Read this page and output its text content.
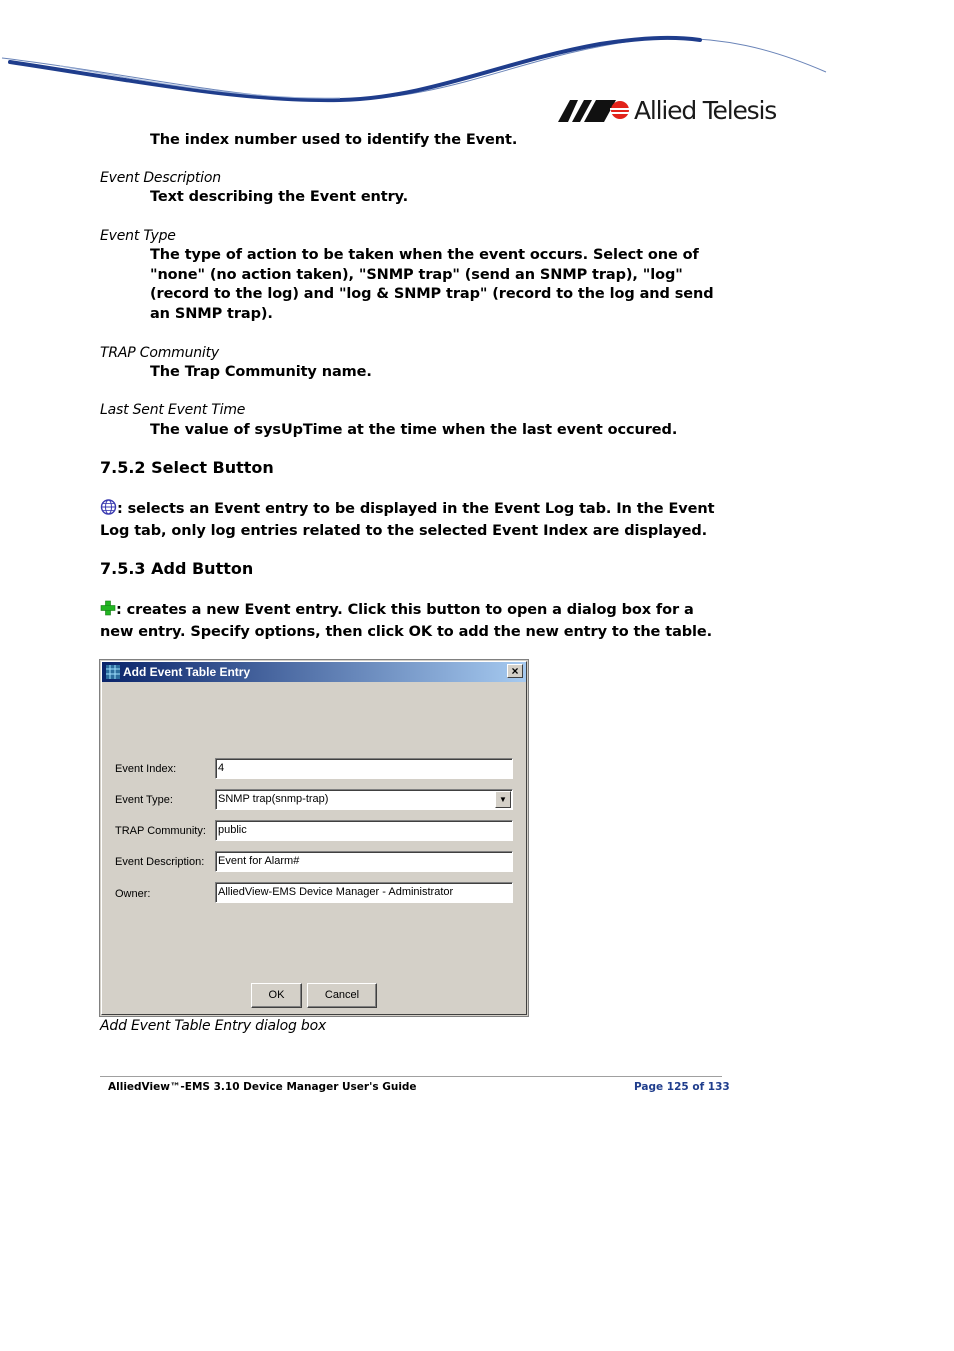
Allied Telesis
The index number used to identify the Event.
Event Description
Text describing the Event entry.
Event Type
The type of action to be taken when the event occurs. Select one of "none" (no action taken), "SNMP trap" (send an SNMP trap), "log" (record to the log) and "log & SNMP trap" (record to the log and send an SNMP trap).
TRAP Community
The Trap Community name.
Last Sent Event Time
The value of sysUpTime at the time when the last event occured.
7.5.2 Select Button
: selects an Event entry to be displayed in the Event Log tab. In the Event Log tab, only log entries related to the selected Event Index are displayed.
7.5.3 Add Button
: creates a new Event entry. Click this button to open a dialog box for a new entry. Specify options, then click OK to add the new entry to the table.
Add Event Table Entry	×
Event Index:	4
Event Type:	SNMP trap(snmp-trap)	▼
TRAP Community: public
Event Description: Event for Alarm#
Owner:	AlliedView-EMS Device Manager - Administrator
OK	Cancel
Add Event Table Entry dialog box
AlliedView™-EMS 3.10 Device Manager User's Guide	Page 125 of 133
